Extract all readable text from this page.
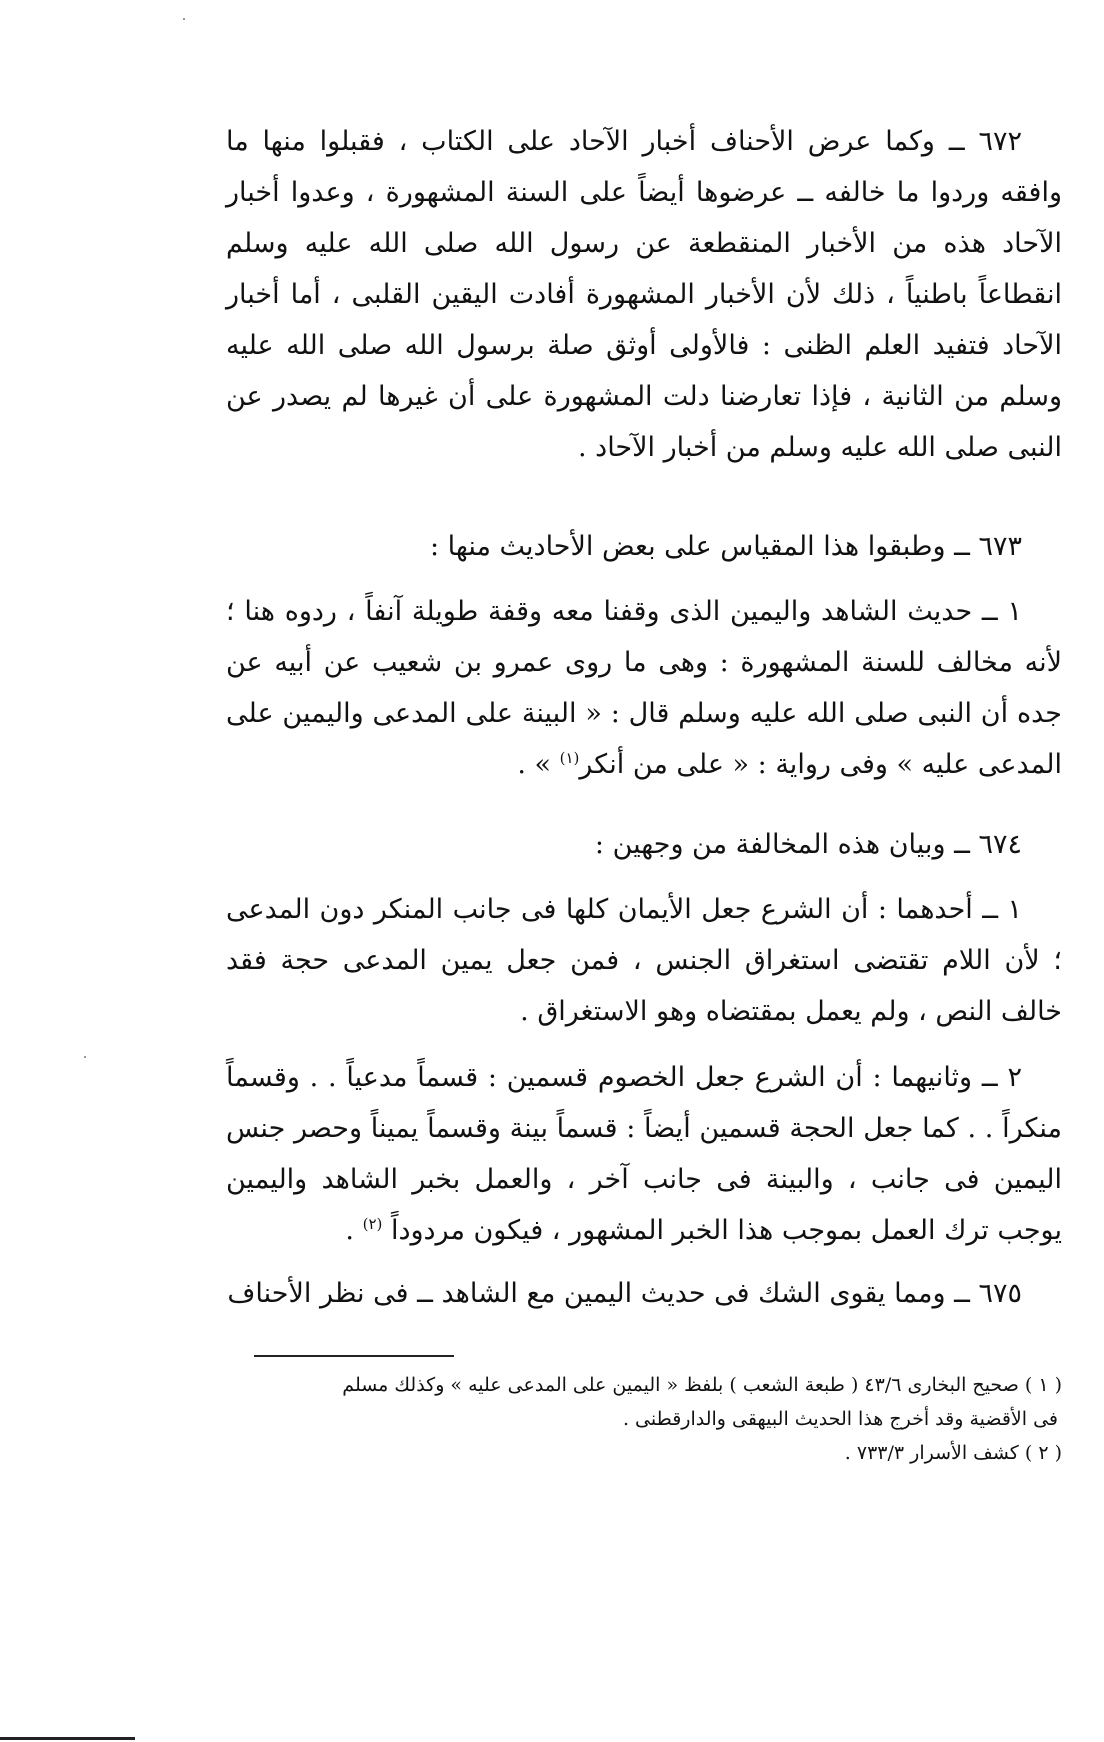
٦٧٢ ــ وكما عرض الأحناف أخبار الآحاد على الكتاب ، فقبلوا منها ما وافقه وردوا ما خالفه ــ عرضوها أيضاً على السنة المشهورة ، وعدوا أخبار الآحاد هذه من الأخبار المنقطعة عن رسول الله صلى الله عليه وسلم انقطاعاً باطنياً ، ذلك لأن الأخبار المشهورة أفادت اليقين القلبى ، أما أخبار الآحاد فتفيد العلم الظنى : فالأولى أوثق صلة برسول الله صلى الله عليه وسلم من الثانية ، فإذا تعارضنا دلت المشهورة على أن غيرها لم يصدر عن النبى صلى الله عليه وسلم من أخبار الآحاد .
٦٧٣ ــ وطبقوا هذا المقياس على بعض الأحاديث منها :
١ ــ حديث الشاهد واليمين الذى وقفنا معه وقفة طويلة آنفاً ، ردوه هنا ؛ لأنه مخالف للسنة المشهورة : وهى ما روى عمرو بن شعيب عن أبيه عن جده أن النبى صلى الله عليه وسلم قال : « البينة على المدعى واليمين على المدعى عليه » وفى رواية : « على من أنكر$^{(١)}$ » .
٦٧٤ ــ وبيان هذه المخالفة من وجهين :
١ ــ أحدهما : أن الشرع جعل الأيمان كلها فى جانب المنكر دون المدعى ؛ لأن اللام تقتضى استغراق الجنس ، فمن جعل يمين المدعى حجة فقد خالف النص ، ولم يعمل بمقتضاه وهو الاستغراق .
٢ ــ وثانيهما : أن الشرع جعل الخصوم قسمين : قسماً مدعياً . . وقسماً منكراً . . كما جعل الحجة قسمين أيضاً : قسماً بينة وقسماً يميناً وحصر جنس اليمين فى جانب ، والبينة فى جانب آخر ، والعمل بخبر الشاهد واليمين يوجب ترك العمل بموجب هذا الخبر المشهور ، فيكون مردوداً $^{(٢)}$ .
٦٧٥ ــ ومما يقوى الشك فى حديث اليمين مع الشاهد ــ فى نظر الأحناف
( ١ ) صحيح البخارى ٤٣/٦ ( طبعة الشعب ) بلفظ « اليمين على المدعى عليه » وكذلك مسلم
فى الأقضية وقد أخرج هذا الحديث البيهقى والدارقطنى .
( ٢ ) كشف الأسرار ٧٣٣/٣ .
